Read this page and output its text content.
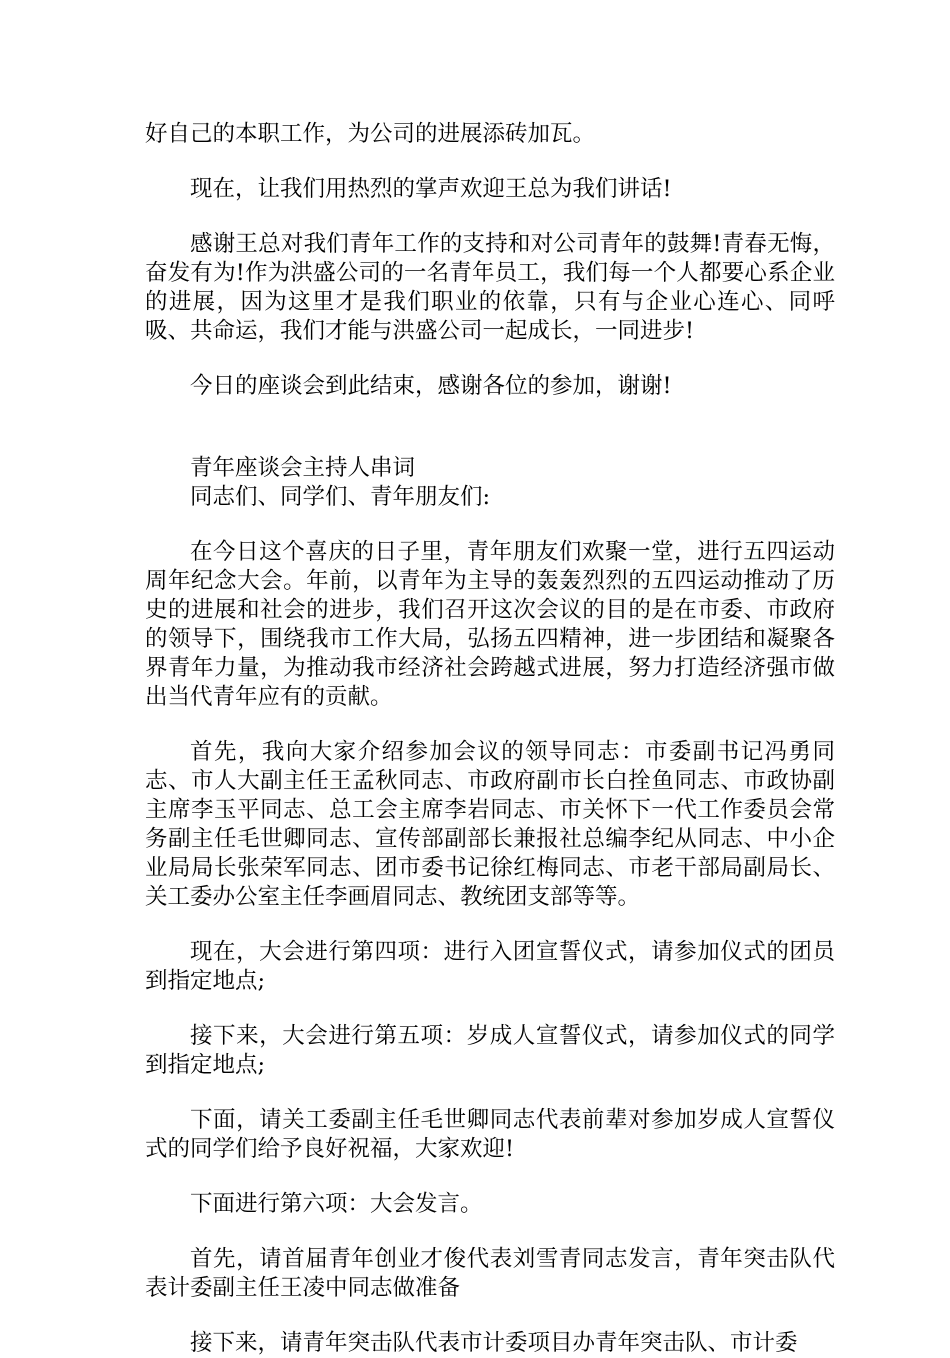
好自己的本职工作，为公司的进展添砖加瓦。

现在，让我们用热烈的掌声欢迎王总为我们讲话!

感谢王总对我们青年工作的支持和对公司青年的鼓舞!青春无悔，奋发有为!作为洪盛公司的一名青年员工，我们每一个人都要心系企业的进展，因为这里才是我们职业的依靠，只有与企业心连心、同呼吸、共命运，我们才能与洪盛公司一起成长，一同进步!

今日的座谈会到此结束，感谢各位的参加，谢谢!

青年座谈会主持人串词

同志们、同学们、青年朋友们:

在今日这个喜庆的日子里，青年朋友们欢聚一堂，进行五四运动周年纪念大会。年前，以青年为主导的轰轰烈烈的五四运动推动了历史的进展和社会的进步，我们召开这次会议的目的是在市委、市政府的领导下，围绕我市工作大局，弘扬五四精神，进一步团结和凝聚各界青年力量，为推动我市经济社会跨越式进展，努力打造经济强市做出当代青年应有的贡献。

首先，我向大家介绍参加会议的领导同志：市委副书记冯勇同志、市人大副主任王孟秋同志、市政府副市长白拴鱼同志、市政协副主席李玉平同志、总工会主席李岩同志、市关怀下一代工作委员会常务副主任毛世卿同志、宣传部副部长兼报社总编李纪从同志、中小企业局局长张荣军同志、团市委书记徐红梅同志、市老干部局副局长、关工委办公室主任李画眉同志、教统团支部等等。

现在，大会进行第四项：进行入团宣誓仪式，请参加仪式的团员到指定地点;

接下来，大会进行第五项：岁成人宣誓仪式，请参加仪式的同学到指定地点;

下面，请关工委副主任毛世卿同志代表前辈对参加岁成人宣誓仪式的同学们给予良好祝福，大家欢迎!

下面进行第六项：大会发言。

首先，请首届青年创业才俊代表刘雪青同志发言，青年突击队代表计委副主任王凌中同志做准备

接下来，请青年突击队代表市计委项目办青年突击队、市计委
